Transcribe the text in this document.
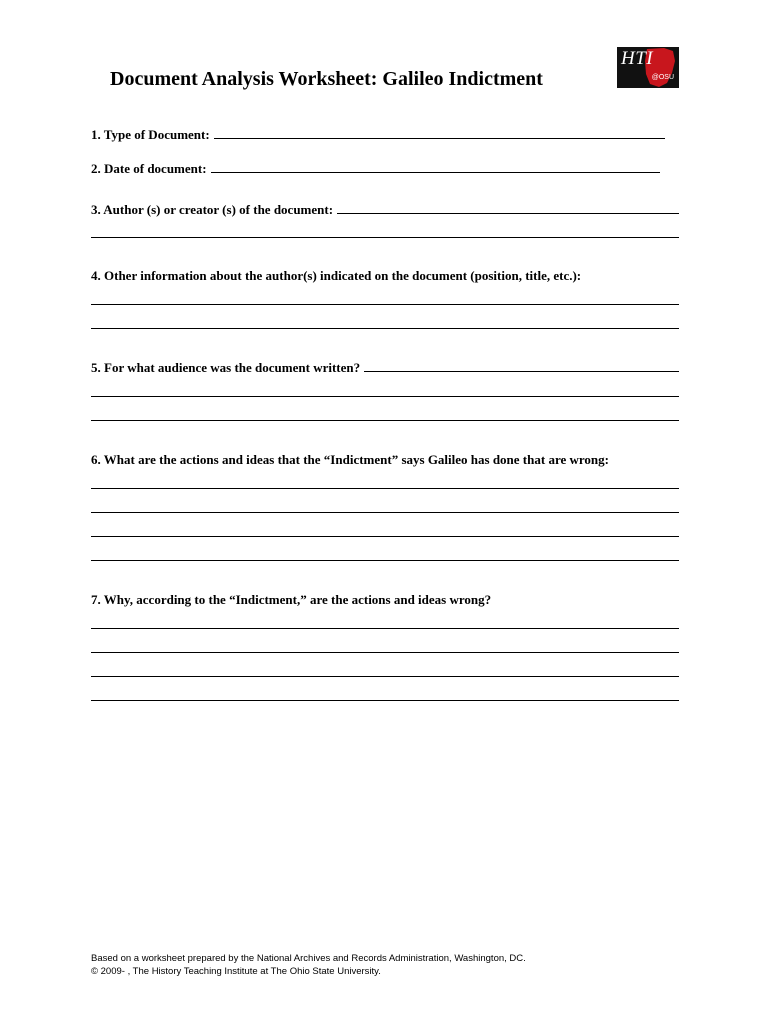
Document Analysis Worksheet: Galileo Indictment
HTI
@OSU
1. Type of Document:
2. Date of document:
3. Author (s) or creator (s) of the document:
4. Other information about the author(s) indicated on the document (position, title, etc.):
5. For what audience was the document written?
6. What are the actions and ideas that the “Indictment” says Galileo has done that are wrong:
7. Why, according to the “Indictment,” are the actions and ideas wrong?
Based on a worksheet prepared by the National Archives and Records Administration, Washington, DC.
© 2009- , The History Teaching Institute at The Ohio State University.
